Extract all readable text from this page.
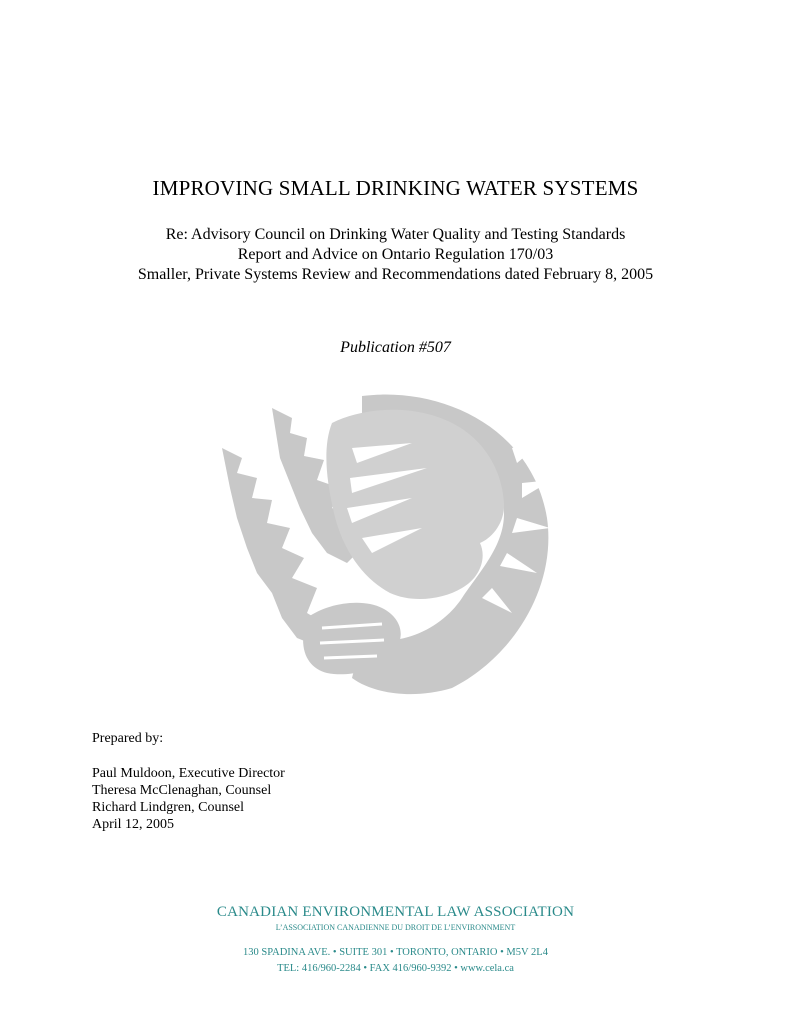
IMPROVING SMALL DRINKING WATER SYSTEMS
Re: Advisory Council on Drinking Water Quality and Testing Standards
Report and Advice on Ontario Regulation 170/03
Smaller, Private Systems Review and Recommendations dated February 8, 2005
Publication #507
Prepared by:
Paul Muldoon, Executive Director
Theresa McClenaghan, Counsel
Richard Lindgren, Counsel
April 12, 2005
CANADIAN ENVIRONMENTAL LAW ASSOCIATION
L’ASSOCIATION CANADIENNE DU DROIT DE L’ENVIRONNMENT
130 SPADINA AVE. • SUITE 301 • TORONTO, ONTARIO • M5V 2L4
TEL: 416/960-2284 • FAX 416/960-9392 • www.cela.ca
